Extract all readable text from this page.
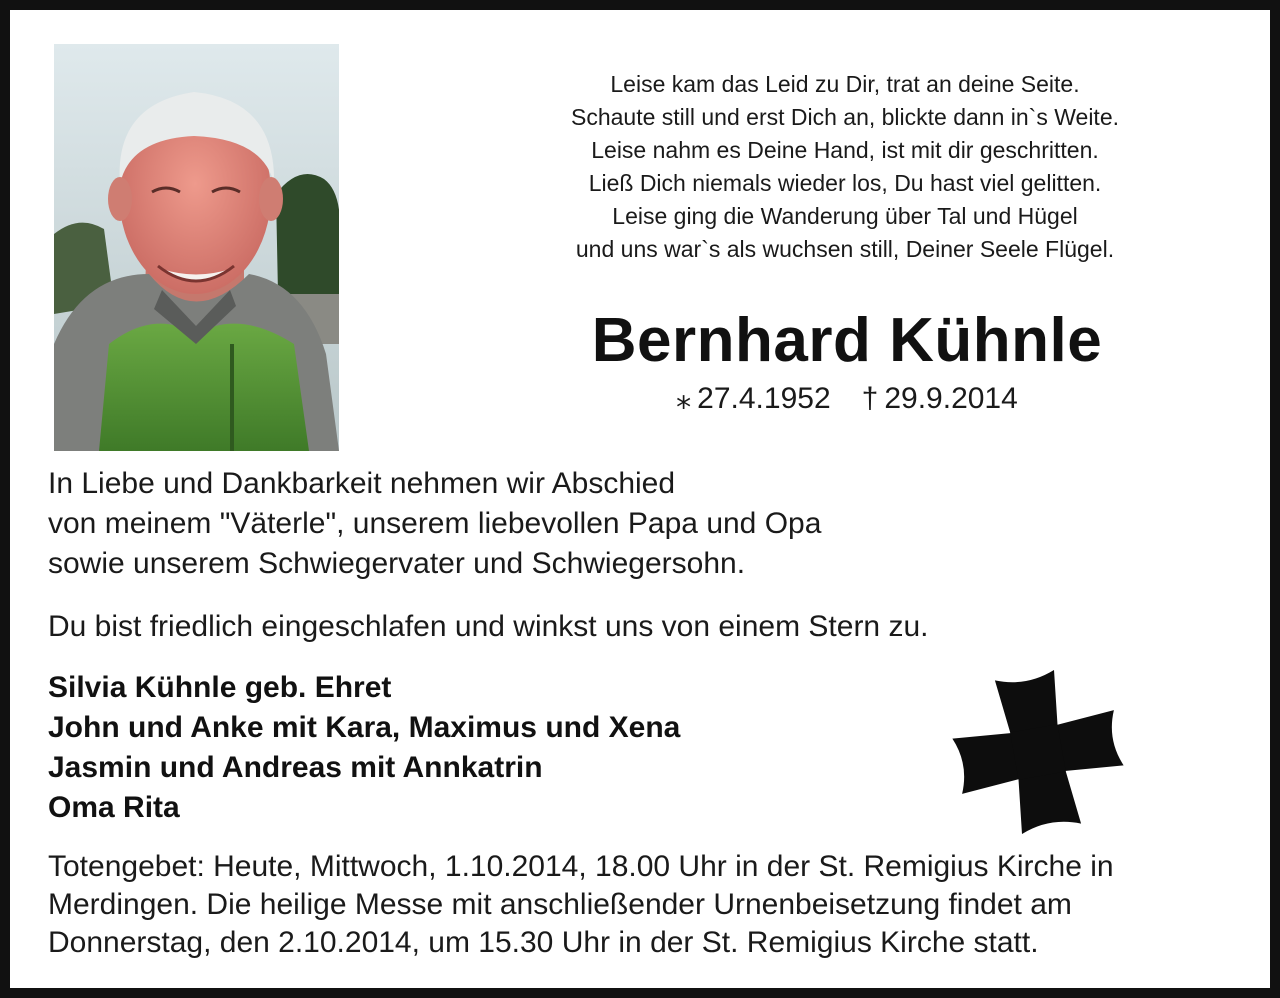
Leise kam das Leid zu Dir, trat an deine Seite.
Schaute still und erst Dich an, blickte dann in`s Weite.
Leise nahm es Deine Hand, ist mit dir geschritten.
Ließ Dich niemals wieder los, Du hast viel gelitten.
Leise ging die Wanderung über Tal und Hügel
und uns war`s als wuchsen still, Deiner Seele Flügel.
Bernhard Kühnle
⁎ 27.4.1952 † 29.9.2014
In Liebe und Dankbarkeit nehmen wir Abschied
von meinem "Väterle", unserem liebevollen Papa und Opa
sowie unserem Schwiegervater und Schwiegersohn.
Du bist friedlich eingeschlafen und winkst uns von einem Stern zu.
Silvia Kühnle geb. Ehret
John und Anke mit Kara, Maximus und Xena
Jasmin und Andreas mit Annkatrin
Oma Rita
Totengebet: Heute, Mittwoch, 1.10.2014, 18.00 Uhr in der St. Remigius Kirche in
Merdingen. Die heilige Messe mit anschließender Urnenbeisetzung findet am
Donnerstag, den 2.10.2014, um 15.30 Uhr in der St. Remigius Kirche statt.
